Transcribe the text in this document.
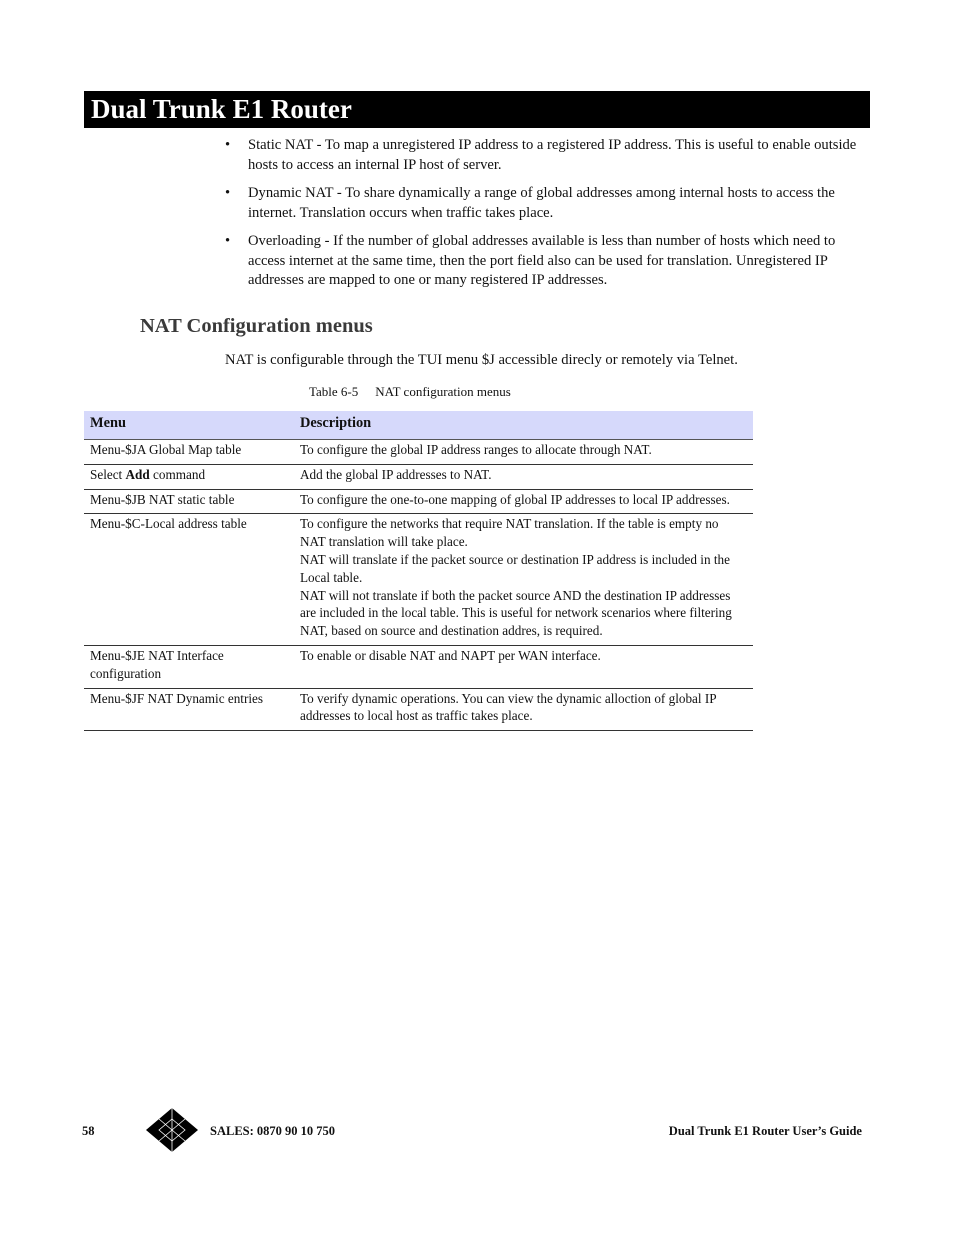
Dual Trunk E1 Router
• Static NAT - To map a unregistered IP address to a registered IP address. This is useful to enable outside hosts to access an internal IP host of server.
• Dynamic NAT - To share dynamically a range of global addresses among internal hosts to access the internet. Translation occurs when traffic takes place.
• Overloading - If the number of global addresses available is less than number of hosts which need to access internet at the same time, then the port field also can be used for translation. Unregistered IP addresses are mapped to one or many registered IP addresses.
NAT Configuration menus
NAT is configurable through the TUI menu $J accessible direcly or remotely via Telnet.
Table 6-5 NAT configuration menus
Menu	Description
Menu-$JA Global Map table	To configure the global IP address ranges to allocate through NAT.

Select Add command	Add the global IP addresses to NAT.

Menu-$JB NAT static table	To configure the one-to-one mapping of global IP addresses to local IP addresses.

Menu-$C-Local address table	To configure the networks that require NAT translation. If the table is empty no NAT translation will take place.
NAT will translate if the packet source or destination IP address is included in the Local table.
NAT will not translate if both the packet source AND the destination IP addresses are included in the local table. This is useful for network scenarios where filtering NAT, based on source and destination addres, is required.

Menu-$JE NAT Interface configuration	To enable or disable NAT and NAPT per WAN interface.

Menu-$JF NAT Dynamic entries	To verify dynamic operations. You can view the dynamic alloction of global IP addresses to local host as traffic takes place.
58	SALES: 0870 90 10 750	Dual Trunk E1 Router User’s Guide
